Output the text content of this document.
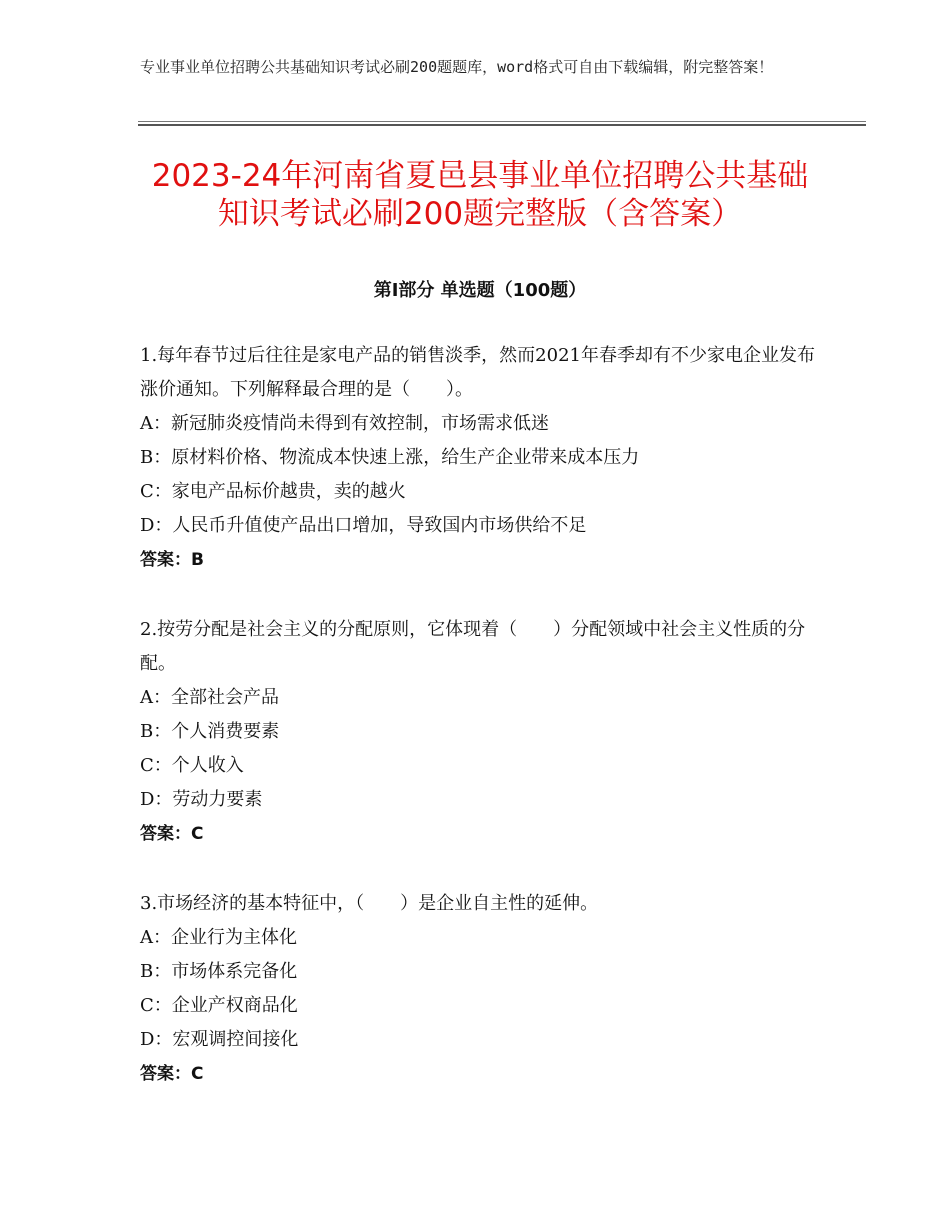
专业事业单位招聘公共基础知识考试必刷200题题库，word格式可自由下载编辑，附完整答案！
2023-24年河南省夏邑县事业单位招聘公共基础知识考试必刷200题完整版（含答案）
第Ⅰ部分 单选题（100题）

1.每年春节过后往往是家电产品的销售淡季，然而2021年春季却有不少家电企业发布涨价通知。下列解释最合理的是（　　）。

A：新冠肺炎疫情尚未得到有效控制，市场需求低迷

B：原材料价格、物流成本快速上涨，给生产企业带来成本压力

C：家电产品标价越贵，卖的越火

D：人民币升值使产品出口增加，导致国内市场供给不足

答案：B

2.按劳分配是社会主义的分配原则，它体现着（　　）分配领域中社会主义性质的分配。

A：全部社会产品

B：个人消费要素

C：个人收入

D：劳动力要素

答案：C

3.市场经济的基本特征中，（　　）是企业自主性的延伸。

A：企业行为主体化

B：市场体系完备化

C：企业产权商品化

D：宏观调控间接化

答案：C
